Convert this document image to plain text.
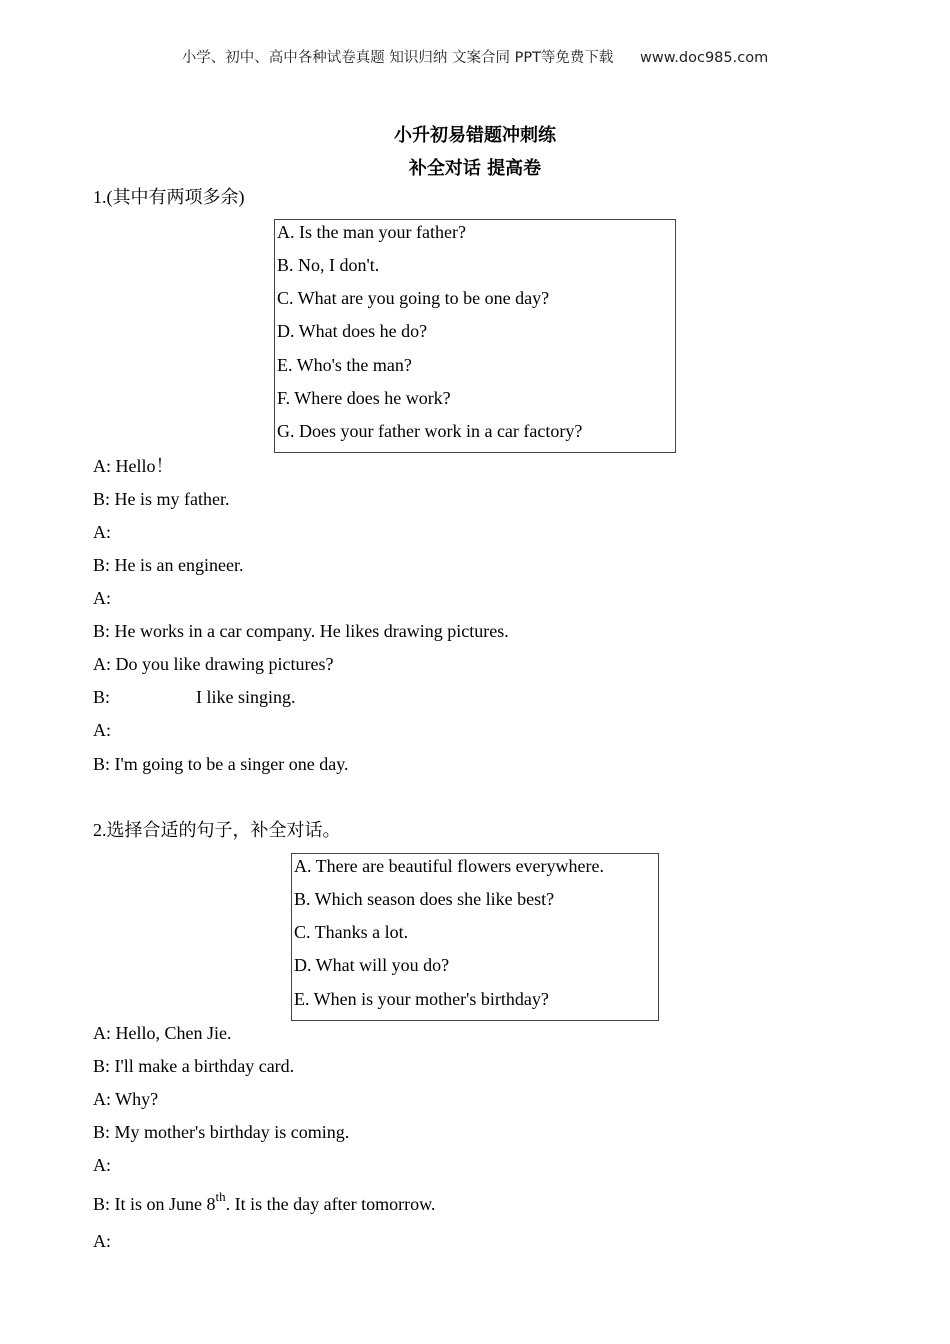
小学、初中、高中各种试卷真题 知识归纳 文案合同 PPT等免费下载 www.doc985.com
小升初易错题冲刺练
补全对话 提高卷
1.(其中有两项多余)
A. Is the man your father?
B. No, I don't.
C. What are you going to be one day?
D. What does he do?
E. Who's the man?
F. Where does he work?
G. Does your father work in a car factory?
A: Hello！
B: He is my father.
A:
B: He is an engineer.
A:
B: He works in a car company. He likes drawing pictures.
A: Do you like drawing pictures?
B:	I like singing.
A:
B: I'm going to be a singer one day.
2.选择合适的句子，补全对话。
A. There are beautiful flowers everywhere.
B. Which season does she like best?
C. Thanks a lot.
D. What will you do?
E. When is your mother's birthday?
A: Hello, Chen Jie.
B: I'll make a birthday card.
A: Why?
B: My mother's birthday is coming.
A:
B: It is on June 8th. It is the day after tomorrow.
A:
